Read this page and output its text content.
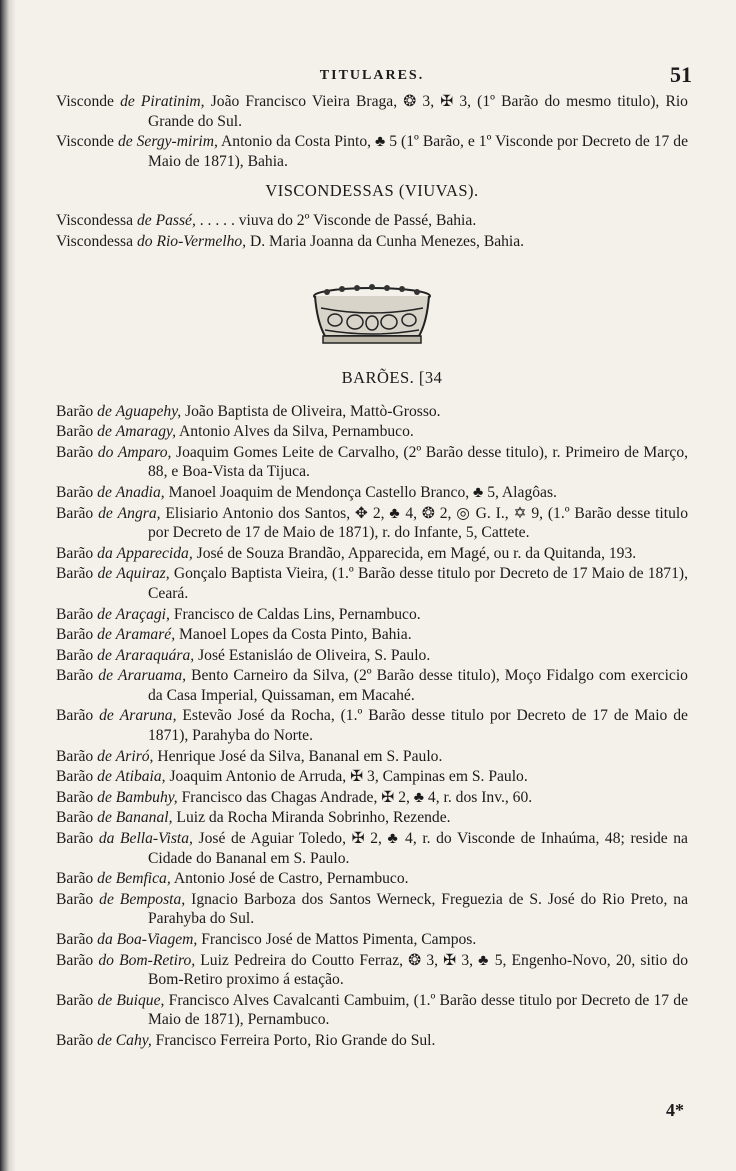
TITULARES.	51

Visconde de Piratinim, João Francisco Vieira Braga, ❂ 3, ✠ 3, (1º Barão do mesmo titulo), Rio Grande do Sul.

Visconde de Sergy-mirim, Antonio da Costa Pinto, ♣ 5 (1º Barão, e 1º Visconde por Decreto de 17 de Maio de 1871), Bahia.

VISCONDESSAS (VIUVAS).

Viscondessa de Passé, . . . . . viuva do 2º Visconde de Passé, Bahia.

Viscondessa do Rio-Vermelho, D. Maria Joanna da Cunha Menezes, Bahia.

BARÕES. [34

Barão de Aguapehy, João Baptista de Oliveira, Mattò-Grosso.

Barão de Amaragy, Antonio Alves da Silva, Pernambuco.

Barão do Amparo, Joaquim Gomes Leite de Carvalho, (2º Barão desse titulo), r. Primeiro de Março, 88, e Boa-Vista da Tijuca.

Barão de Anadia, Manoel Joaquim de Mendonça Castello Branco, ♣ 5, Alagôas.

Barão de Angra, Elisiario Antonio dos Santos, ✥ 2, ♣ 4, ❂ 2, ◎ G. I., ✡ 9, (1.º Barão desse titulo por Decreto de 17 de Maio de 1871), r. do Infante, 5, Cattete.

Barão da Apparecida, José de Souza Brandão, Apparecida, em Magé, ou r. da Quitanda, 193.

Barão de Aquiraz, Gonçalo Baptista Vieira, (1.º Barão desse titulo por Decreto de 17 Maio de 1871), Ceará.

Barão de Araçagi, Francisco de Caldas Lins, Pernambuco.

Barão de Aramaré, Manoel Lopes da Costa Pinto, Bahia.

Barão de Araraquára, José Estanisláo de Oliveira, S. Paulo.

Barão de Araruama, Bento Carneiro da Silva, (2º Barão desse titulo), Moço Fidalgo com exercicio da Casa Imperial, Quissaman, em Macahé.

Barão de Araruna, Estevão José da Rocha, (1.º Barão desse titulo por Decreto de 17 de Maio de 1871), Parahyba do Norte.

Barão de Ariró, Henrique José da Silva, Bananal em S. Paulo.

Barão de Atibaia, Joaquim Antonio de Arruda, ✠ 3, Campinas em S. Paulo.

Barão de Bambuhy, Francisco das Chagas Andrade, ✠ 2, ♣ 4, r. dos Inv., 60.

Barão de Bananal, Luiz da Rocha Miranda Sobrinho, Rezende.

Barão da Bella-Vista, José de Aguiar Toledo, ✠ 2, ♣ 4, r. do Visconde de Inhaúma, 48; reside na Cidade do Bananal em S. Paulo.

Barão de Bemfica, Antonio José de Castro, Pernambuco.

Barão de Bemposta, Ignacio Barboza dos Santos Werneck, Freguezia de S. José do Rio Preto, na Parahyba do Sul.

Barão da Boa-Viagem, Francisco José de Mattos Pimenta, Campos.

Barão do Bom-Retiro, Luiz Pedreira do Coutto Ferraz, ❂ 3, ✠ 3, ♣ 5, Engenho-Novo, 20, sitio do Bom-Retiro proximo á estação.

Barão de Buique, Francisco Alves Cavalcanti Cambuim, (1.º Barão desse titulo por Decreto de 17 de Maio de 1871), Pernambuco.

Barão de Cahy, Francisco Ferreira Porto, Rio Grande do Sul.

4*
